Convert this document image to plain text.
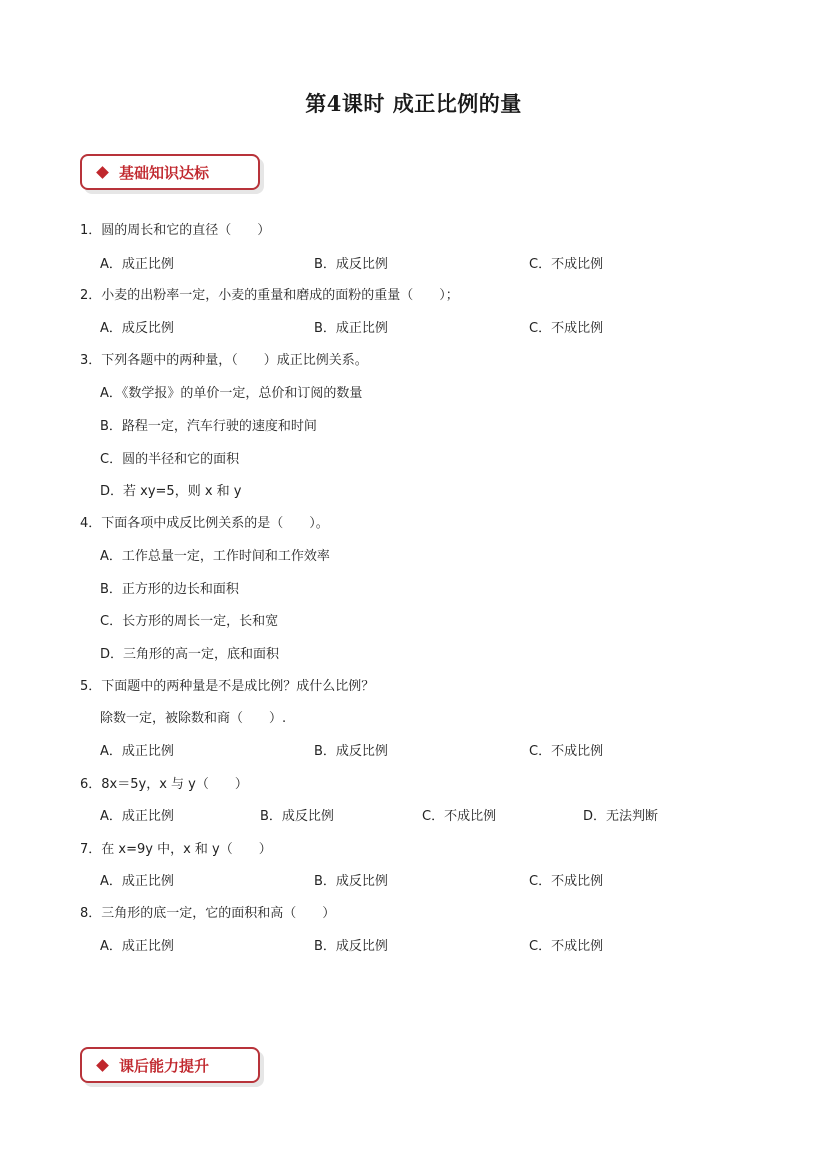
第4课时 成正比例的量
基础知识达标
1．圆的周长和它的直径（　　）
A．成正比例	B．成反比例	C．不成比例
2．小麦的出粉率一定，小麦的重量和磨成的面粉的重量（　　）；
A．成反比例	B．成正比例	C．不成比例
3．下列各题中的两种量，（　　）成正比例关系。
A．《数学报》的单价一定，总价和订阅的数量
B．路程一定，汽车行驶的速度和时间
C．圆的半径和它的面积
D．若 xy=5，则 x 和 y
4．下面各项中成反比例关系的是（　　）。
A．工作总量一定，工作时间和工作效率
B．正方形的边长和面积
C．长方形的周长一定，长和宽
D．三角形的高一定，底和面积
5．下面题中的两种量是不是成比例？成什么比例？
除数一定，被除数和商（　　）.
A．成正比例	B．成反比例	C．不成比例
6．8x＝5y，x 与 y（　　）
A．成正比例	B．成反比例	C．不成比例	D．无法判断
7．在 x=9y 中，x 和 y（　　）
A．成正比例	B．成反比例	C．不成比例
8．三角形的底一定，它的面积和高（　　）
A．成正比例	B．成反比例	C．不成比例
课后能力提升
